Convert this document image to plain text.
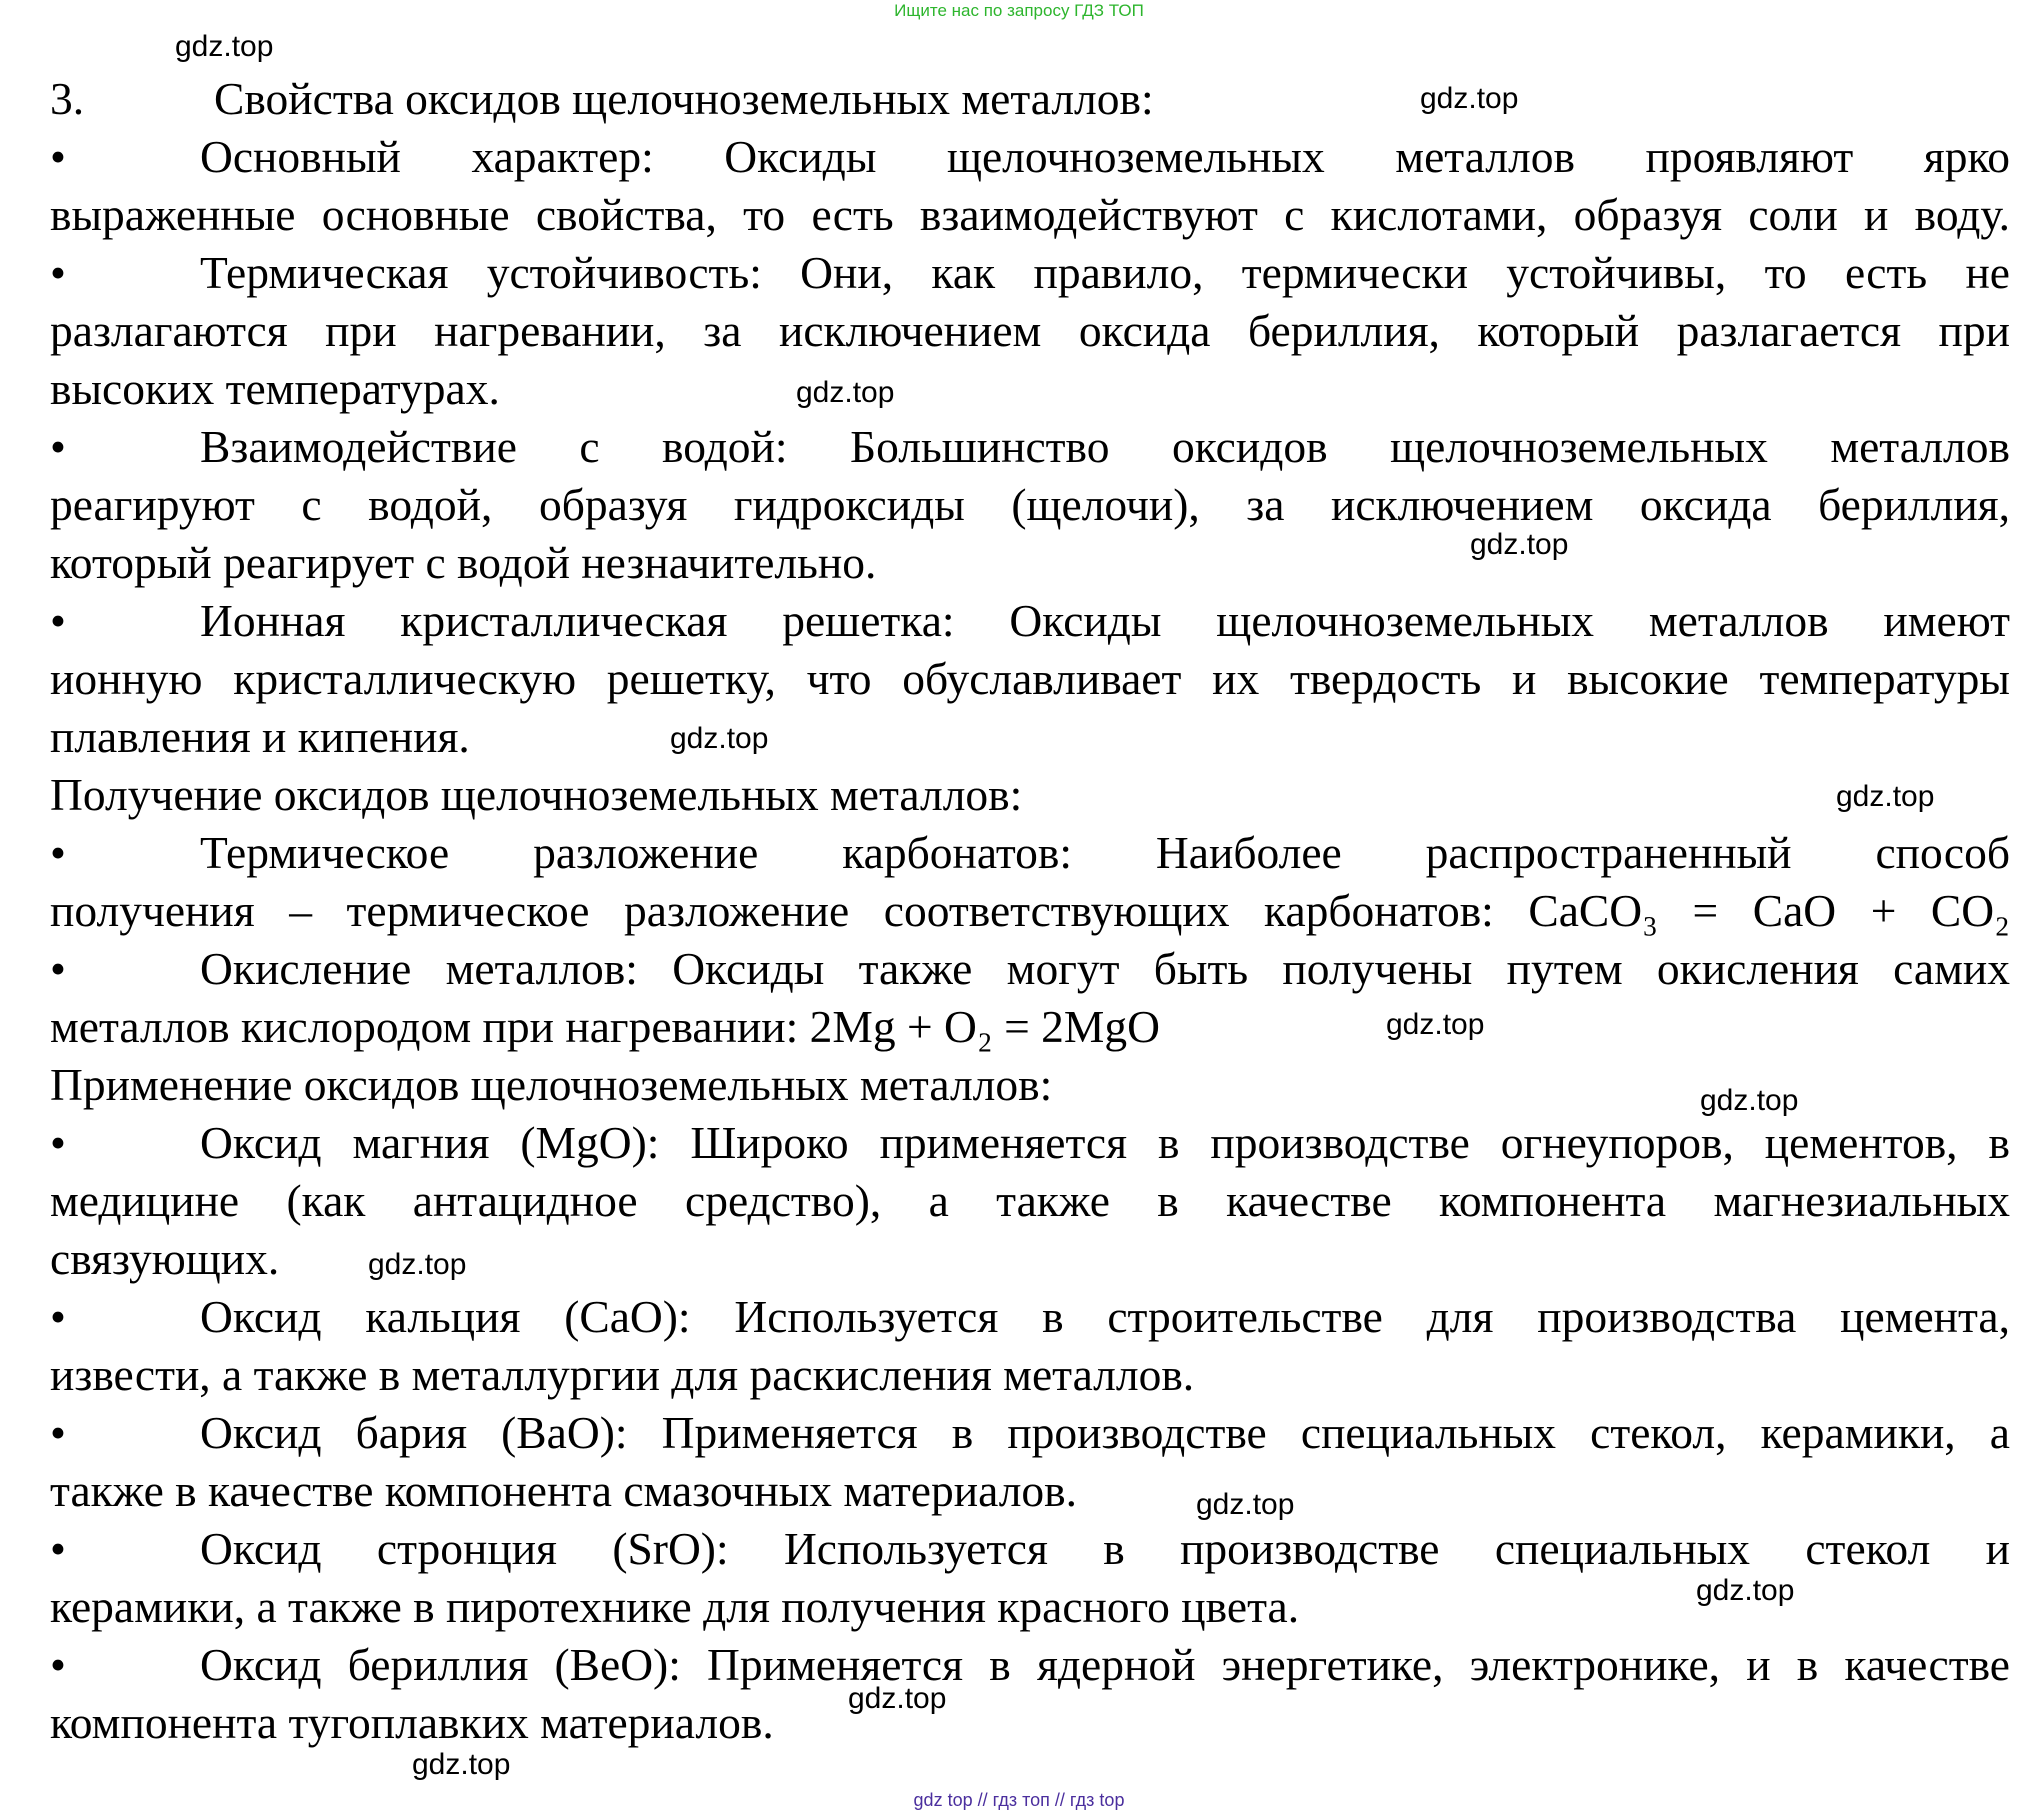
Ищите нас по запросу ГДЗ ТОП
gdz.top
gdz.top
gdz.top
gdz.top
gdz.top
gdz.top
gdz.top
gdz.top
gdz.top
gdz.top
gdz.top
gdz.top
gdz.top
3.	Свойства оксидов щелочноземельных металлов:
•	Основный характер: Оксиды щелочноземельных металлов проявляют ярко
выраженные основные свойства, то есть взаимодействуют с кислотами, образуя соли и воду.
•	Термическая устойчивость: Они, как правило, термически устойчивы, то есть не
разлагаются при нагревании, за исключением оксида бериллия, который разлагается при
высоких температурах.
•	Взаимодействие с водой: Большинство оксидов щелочноземельных металлов
реагируют с водой, образуя гидроксиды (щелочи), за исключением оксида бериллия,
который реагирует с водой незначительно.
•	Ионная кристаллическая решетка: Оксиды щелочноземельных металлов имеют
ионную кристаллическую решетку, что обуславливает их твердость и высокие температуры
плавления и кипения.
Получение оксидов щелочноземельных металлов:
•	Термическое разложение карбонатов: Наиболее распространенный способ
получения – термическое разложение соответствующих карбонатов: CaCO₃ = CaO + CO₂
•	Окисление металлов: Оксиды также могут быть получены путем окисления самих
металлов кислородом при нагревании: 2Mg + O₂ = 2MgO
Применение оксидов щелочноземельных металлов:
•	Оксид магния (MgO): Широко применяется в производстве огнеупоров, цементов, в
медицине (как антацидное средство), а также в качестве компонента магнезиальных
связующих.
•	Оксид кальция (CaO): Используется в строительстве для производства цемента,
извести, а также в металлургии для раскисления металлов.
•	Оксид бария (BaO): Применяется в производстве специальных стекол, керамики, а
также в качестве компонента смазочных материалов.
•	Оксид стронция (SrO): Используется в производстве специальных стекол и
керамики, а также в пиротехнике для получения красного цвета.
•	Оксид бериллия (BeO): Применяется в ядерной энергетике, электронике, и в качестве
компонента тугоплавких материалов.
gdz top // гдз топ // гдз top
